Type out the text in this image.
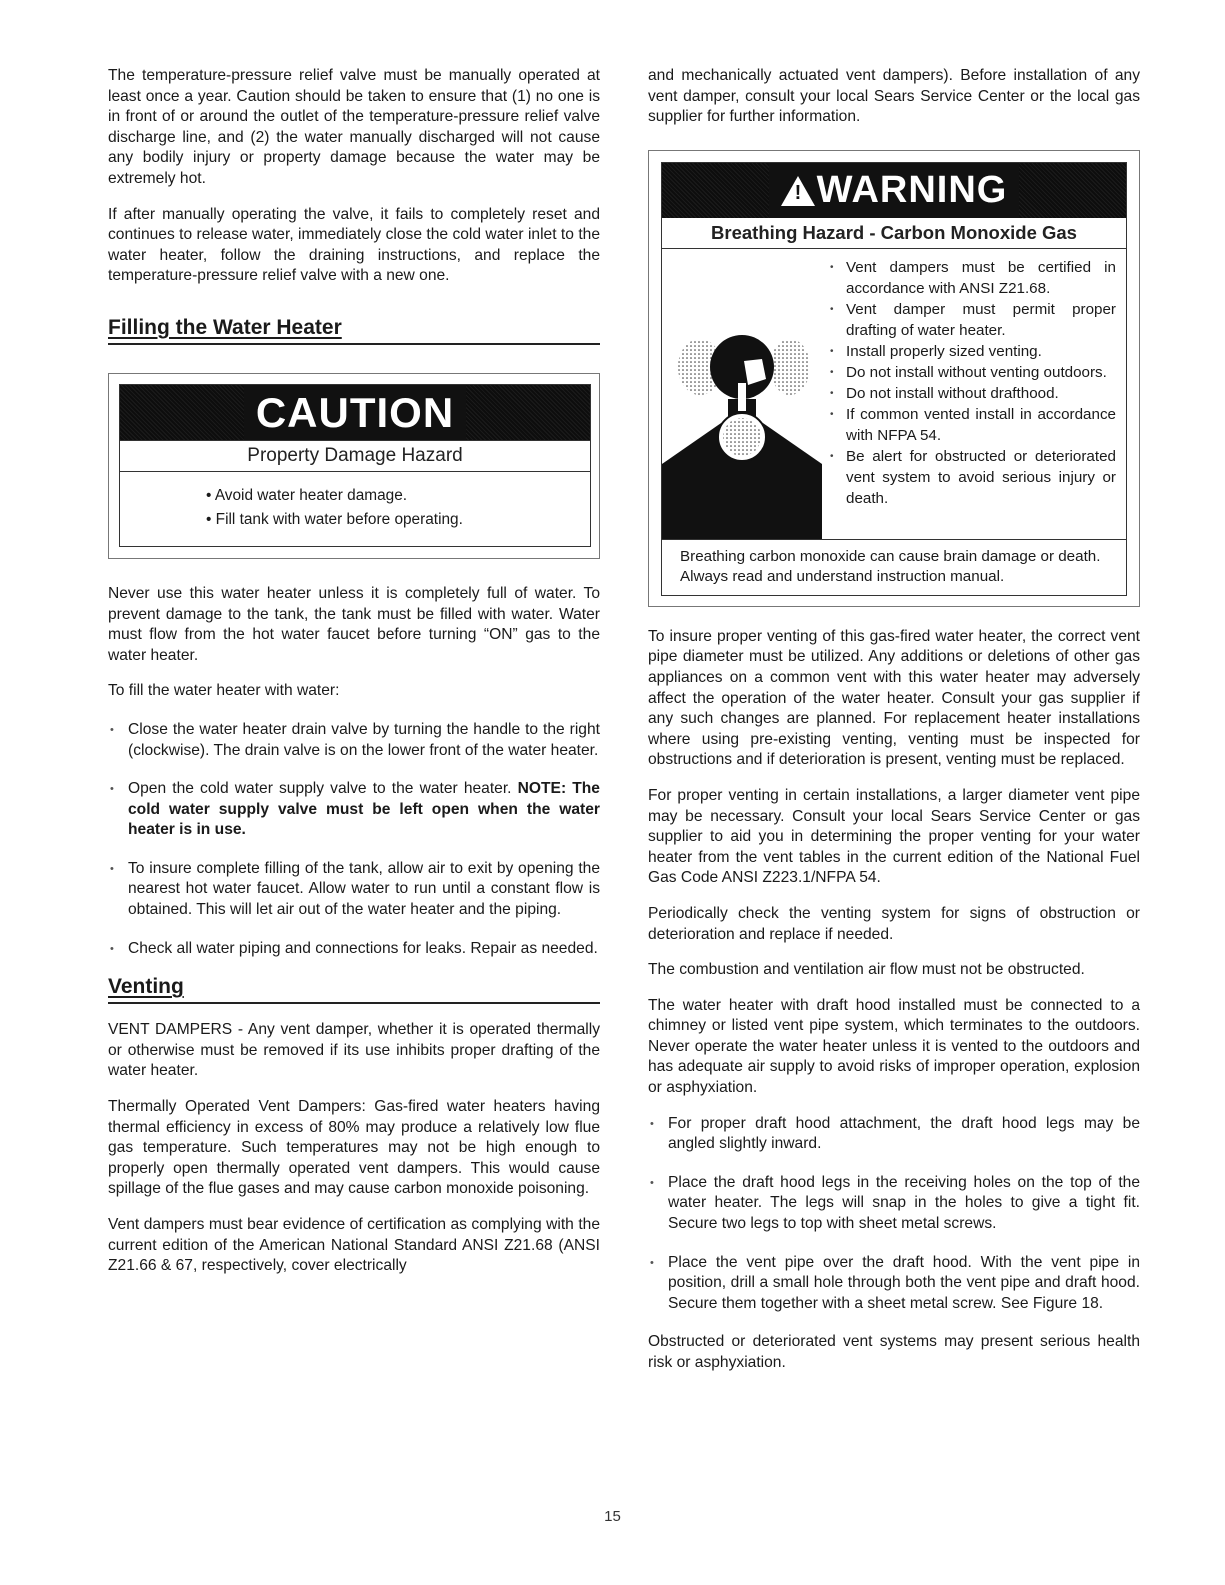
The temperature-pressure relief valve must be manually operated at least once a year. Caution should be taken to ensure that (1) no one is in front of or around the outlet of the temperature-pressure relief valve discharge line, and (2) the water manually discharged will not cause any bodily injury or property damage because the water may be extremely hot.

If after manually operating the valve, it fails to completely reset and continues to release water, immediately close the cold water inlet to the water heater, follow the draining instructions, and replace the temperature-pressure relief valve with a new one.

Filling the Water Heater
CAUTION
Property Damage Hazard
• Avoid water heater damage.
• Fill tank with water before operating.

Never use this water heater unless it is completely full of water. To prevent damage to the tank, the tank must be filled with water. Water must flow from the hot water faucet before turning “ON” gas to the water heater.

To fill the water heater with water:

• Close the water heater drain valve by turning the handle to the right (clockwise). The drain valve is on the lower front of the water heater.
• Open the cold water supply valve to the water heater. NOTE: The cold water supply valve must be left open when the water heater is in use.
• To insure complete filling of the tank, allow air to exit by opening the nearest hot water faucet. Allow water to run until a constant flow is obtained. This will let air out of the water heater and the piping.
• Check all water piping and connections for leaks. Repair as needed.
Venting

VENT DAMPERS - Any vent damper, whether it is operated thermally or otherwise must be removed if its use inhibits proper drafting of the water heater.

Thermally Operated Vent Dampers: Gas-fired water heaters having thermal efficiency in excess of 80% may produce a relatively low flue gas temperature. Such temperatures may not be high enough to properly open thermally operated vent dampers. This would cause spillage of the flue gases and may cause carbon monoxide poisoning.

Vent dampers must bear evidence of certification as complying with the current edition of the American National Standard ANSI Z21.68 (ANSI Z21.66 & 67, respectively, cover electrically

and mechanically actuated vent dampers). Before installation of any vent damper, consult your local Sears Service Center or the local gas supplier for further information.

! WARNING
Breathing Hazard - Carbon Monoxide Gas
• Vent dampers must be certified in accordance with ANSI Z21.68.
• Vent damper must permit proper drafting of water heater.
• Install properly sized venting.
• Do not install without venting outdoors.
• Do not install without drafthood.
• If common vented install in accordance with NFPA 54.
• Be alert for obstructed or deteriorated vent system to avoid serious injury or death.
Breathing carbon monoxide can cause brain damage or death. Always read and understand instruction manual.

To insure proper venting of this gas-fired water heater, the correct vent pipe diameter must be utilized. Any additions or deletions of other gas appliances on a common vent with this water heater may adversely affect the operation of the water heater. Consult your gas supplier if any such changes are planned. For replacement heater installations where using pre-existing venting, venting must be inspected for obstructions and if deterioration is present, venting must be replaced.

For proper venting in certain installations, a larger diameter vent pipe may be necessary. Consult your local Sears Service Center or gas supplier to aid you in determining the proper venting for your water heater from the vent tables in the current edition of the National Fuel Gas Code ANSI Z223.1/NFPA 54.

Periodically check the venting system for signs of obstruction or deterioration and replace if needed.

The combustion and ventilation air flow must not be obstructed.

The water heater with draft hood installed must be connected to a chimney or listed vent pipe system, which terminates to the outdoors. Never operate the water heater unless it is vented to the outdoors and has adequate air supply to avoid risks of improper operation, explosion or asphyxiation.

• For proper draft hood attachment, the draft hood legs may be angled slightly inward.
• Place the draft hood legs in the receiving holes on the top of the water heater. The legs will snap in the holes to give a tight fit. Secure two legs to top with sheet metal screws.
• Place the vent pipe over the draft hood. With the vent pipe in position, drill a small hole through both the vent pipe and draft hood. Secure them together with a sheet metal screw. See Figure 18.

Obstructed or deteriorated vent systems may present serious health risk or asphyxiation.

15
